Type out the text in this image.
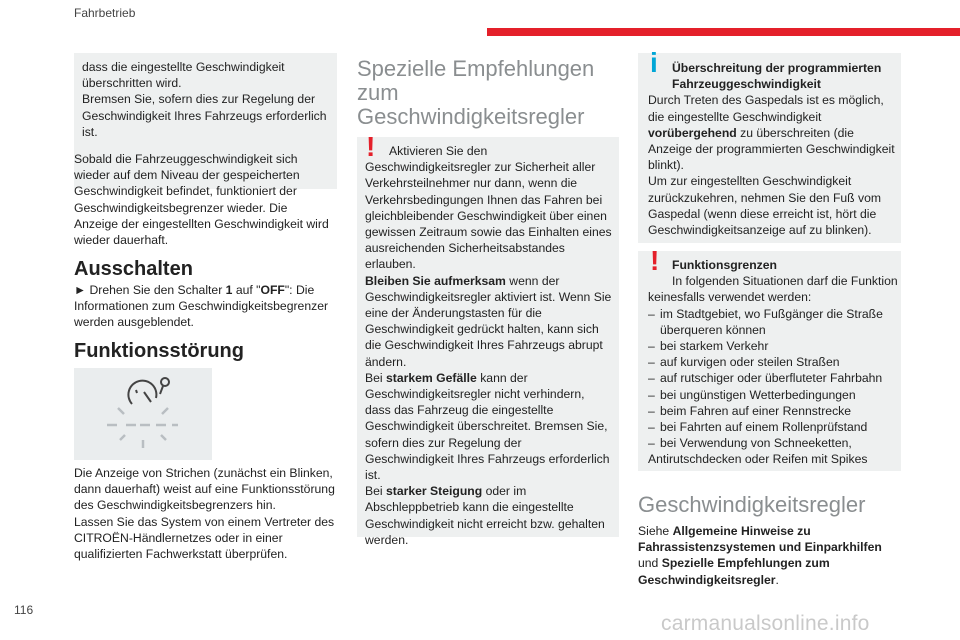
Fahrbetrieb

dass die eingestellte Geschwindigkeit überschritten wird.
Bremsen Sie, sofern dies zur Regelung der Geschwindigkeit Ihres Fahrzeugs erforderlich ist.

Sobald die Fahrzeuggeschwindigkeit sich wieder auf dem Niveau der gespeicherten Geschwindigkeit befindet, funktioniert der Geschwindigkeitsbegrenzer wieder. Die Anzeige der eingestellten Geschwindigkeit wird wieder dauerhaft.

Ausschalten

► Drehen Sie den Schalter 1 auf "OFF": Die Informationen zum Geschwindigkeitsbegrenzer werden ausgeblendet.

Funktionsstörung

Die Anzeige von Strichen (zunächst ein Blinken, dann dauerhaft) weist auf eine Funktionsstörung des Geschwindigkeitsbegrenzers hin.
Lassen Sie das System von einem Vertreter des CITROËN-Händlernetzes oder in einer qualifizierten Fachwerkstatt überprüfen.

Spezielle Empfehlungen zum Geschwindigkeitsregler
!	Aktivieren Sie den Geschwindigkeitsregler zur Sicherheit aller Verkehrsteilnehmer nur dann, wenn die Verkehrsbedingungen Ihnen das Fahren bei gleichbleibender Geschwindigkeit über einen gewissen Zeitraum sowie das Einhalten eines ausreichenden Sicherheitsabstandes erlauben.

Bleiben Sie aufmerksam wenn der Geschwindigkeitsregler aktiviert ist. Wenn Sie eine der Änderungstasten für die Geschwindigkeit gedrückt halten, kann sich die Geschwindigkeit Ihres Fahrzeugs abrupt ändern.

Bei starkem Gefälle kann der Geschwindigkeitsregler nicht verhindern, dass das Fahrzeug die eingestellte Geschwindigkeit überschreitet. Bremsen Sie, sofern dies zur Regelung der Geschwindigkeit Ihres Fahrzeugs erforderlich ist.

Bei starker Steigung oder im Abschleppbetrieb kann die eingestellte Geschwindigkeit nicht erreicht bzw. gehalten werden.

i	Überschreitung der programmierten Fahrzeuggeschwindigkeit

Durch Treten des Gaspedals ist es möglich, die eingestellte Geschwindigkeit vorübergehend zu überschreiten (die Anzeige der programmierten Geschwindigkeit blinkt).

Um zur eingestellten Geschwindigkeit zurückzukehren, nehmen Sie den Fuß vom Gaspedal (wenn diese erreicht ist, hört die Geschwindigkeitsanzeige auf zu blinken).

!	Funktionsgrenzen

In folgenden Situationen darf die Funktion keinesfalls verwendet werden:

– im Stadtgebiet, wo Fußgänger die Straße überqueren können
– bei starkem Verkehr
– auf kurvigen oder steilen Straßen
– auf rutschiger oder überfluteter Fahrbahn
– bei ungünstigen Wetterbedingungen
– beim Fahren auf einer Rennstrecke
– bei Fahrten auf einem Rollenprüfstand
– bei Verwendung von Schneeketten,

Antirutschdecken oder Reifen mit Spikes

Geschwindigkeitsregler

Siehe Allgemeine Hinweise zu Fahrassistenzsystemen und Einparkhilfen und Spezielle Empfehlungen zum Geschwindigkeitsregler.

116
carmanualsonline.info
